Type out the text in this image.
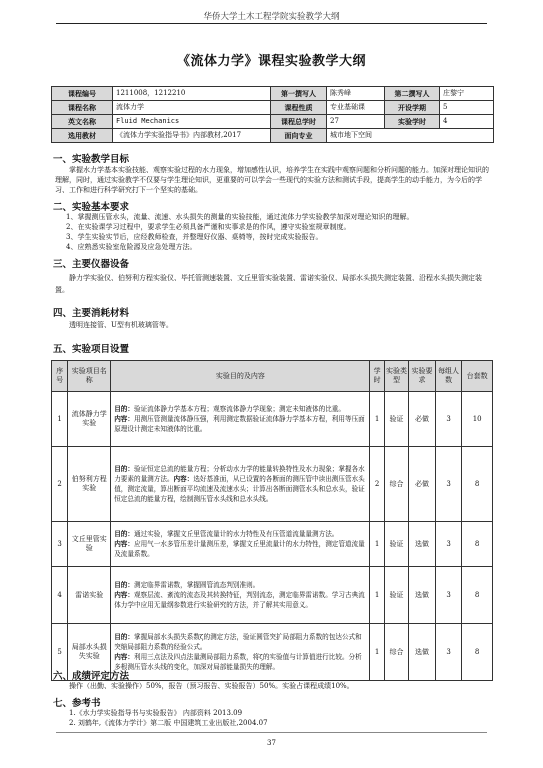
华侨大学土木工程学院实验教学大纲
《流体力学》课程实验教学大纲
课程编号	1211008，1212210	第一撰写人	陈秀峰	第二撰写人	庄黎宁
课程名称	流体力学	课程性质	专业基础课	开设学期	5
英文名称	Fluid Mechanics	课程总学时	27	实验学时	4
选用教材	《流体力学实验指导书》内部教材,2017	面向专业	城市地下空间		

一、实验教学目标

掌握水力学基本实验技能、观察实验过程的水力现象，增加感性认识，培养学生在实践中观察问题和分析问题的能力。加深对理论知识的理解，同时，通过实验教学不仅要与学生理论知识，更重要的可以学会一些现代的实验方法和测试手段，提高学生的动手能力，为今后的学习、工作和进行科学研究打下一个坚实的基础。

二、实验基本要求

1、掌握测压管水头，流量、流速、水头损失的测量的实验技能，通过流体力学实验教学加深对理论知识的理解。
2、在实验课学习过程中，要求学生必须具备严谨和实事求是的作风，遵守实验室规章制度。
3、学生实验实节后，应经教师检查，并整理好仪器、桌椅等，按时完成实验报告。
4、应熟悉实验室危险源及应急处理方法。

三、主要仪器设备

静力学实验仪、伯努利方程实验仪、毕托管测速装置、文丘里管实验装置、雷诺实验仪、局部水头损失测定装置、沿程水头损失测定装置。

四、主要消耗材料

透明连接管、U型有机玻璃管等。

五、实验项目设置

序号	实验项目名称	实验目的及内容	学时	实验类型	实验要求	每组人数	台套数
1	流体静力学实验	目的：验证流体静力学基本方程；观察流体静力学现象；测定未知液体的比重。
内容：用测压管测量流体静压强，利用测定数据验证流体静力学基本方程，利用等压面原理设计测定未知液体的比重。	1	验证	必做	3	10
2	伯努利方程实验	目的：验证恒定总流的能量方程；分析动水力学的能量转换特性及水力现象；掌握各水力要素的量测方法。内容：选好基准面，从已设置的各断面的测压管中读出测压管水头值，测定流量，算出断面平均流速及流速水头；计算出各断面测管水头和总水头，验证恒定总流的能量方程，绘制测压管水头线和总水头线。	2	综合	必做	3	8
3	文丘里管实验	目的：通过实验，掌握文丘里管流量计的水力特性及有压管道流量量测方法。
内容：应用气一水多管压差计量测压差，掌握文丘里流量计的水力特性，测定管道流量及流量系数。	1	验证	选做	3	8
4	雷诺实验	目的：测定临界雷诺数，掌握圆管流态判别准则。
内容：观察层流、紊流的流态及其转换特征，判别流态，测定临界雷诺数。学习古典流体力学中应用无量纲参数进行实验研究的方法，并了解其实用意义。	1	验证	选做	3	8
5	局部水头损失实验	目的：掌握局部水头损失系数ζ的测定方法，验证圆管突扩局部阻力系数的包达公式和突缩局部阻力系数的经验公式。
内容：利用三点法及四点法量测局部阻力系数，将ζ的实验值与计算值进行比较。分析多根测压管水头线的变化，加深对局部能量损失的理解。	1	综合	选做	3	8

六、成绩评定方法

操作（出勤、实验操作）50%，报告（预习报告、实验报告）50%。实验占课程成绩10%。

七、参考书

1.《水力学实验指导书与实验报告》 内部资料 2013.09
2. 刘鹤年,《流体力学计》第二版 中国建筑工业出版社,2004.07
37
